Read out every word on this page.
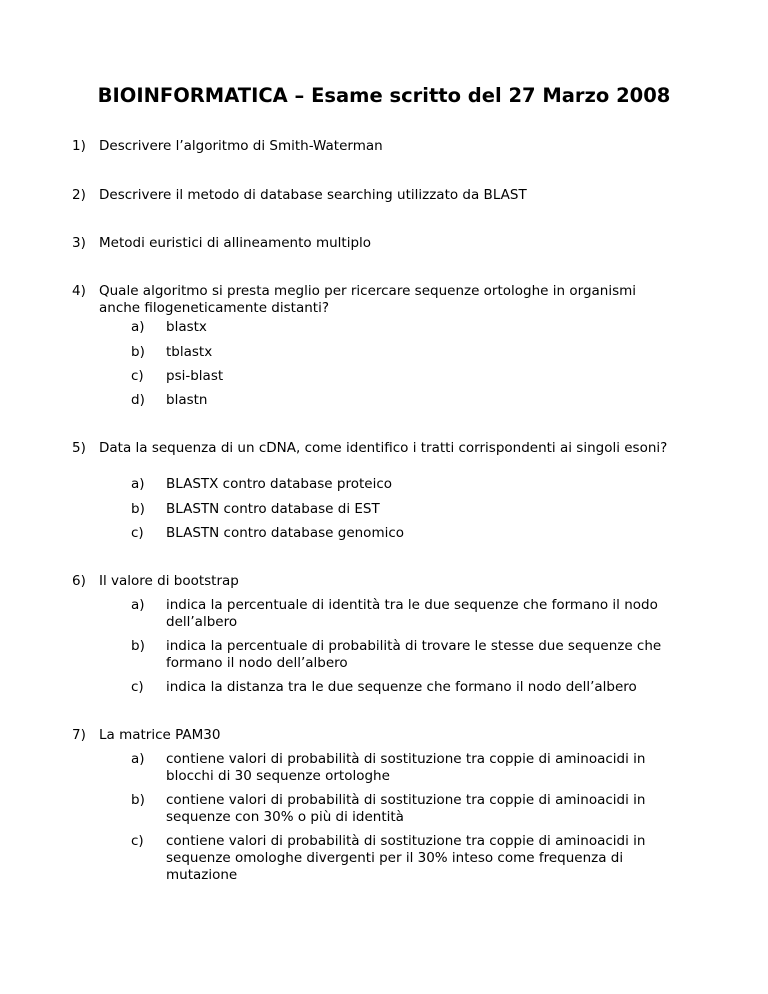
BIOINFORMATICA – Esame scritto del 27 Marzo 2008
1) Descrivere l’algoritmo di Smith-Waterman
2) Descrivere il metodo di database searching utilizzato da BLAST
3) Metodi euristici di allineamento multiplo
4) Quale algoritmo si presta meglio per ricercare sequenze ortologhe in organismi anche filogeneticamente distanti?
a) blastx
b) tblastx
c) psi-blast
d) blastn
5) Data la sequenza di un cDNA, come identifico i tratti corrispondenti ai singoli esoni?
a) BLASTX contro database proteico
b) BLASTN contro database di EST
c) BLASTN contro database genomico
6) Il valore di bootstrap
a) indica la percentuale di identità tra le due sequenze che formano il nodo dell’albero
b) indica la percentuale di probabilità di trovare le stesse due sequenze che formano il nodo dell’albero
c) indica la distanza tra le due sequenze che formano il nodo dell’albero
7) La matrice PAM30
a) contiene valori di probabilità di sostituzione tra coppie di aminoacidi in blocchi di 30 sequenze ortologhe
b) contiene valori di probabilità di sostituzione tra coppie di aminoacidi in sequenze con 30% o più di identità
c) contiene valori di probabilità di sostituzione tra coppie di aminoacidi in sequenze omologhe divergenti per il 30% inteso come frequenza di mutazione
